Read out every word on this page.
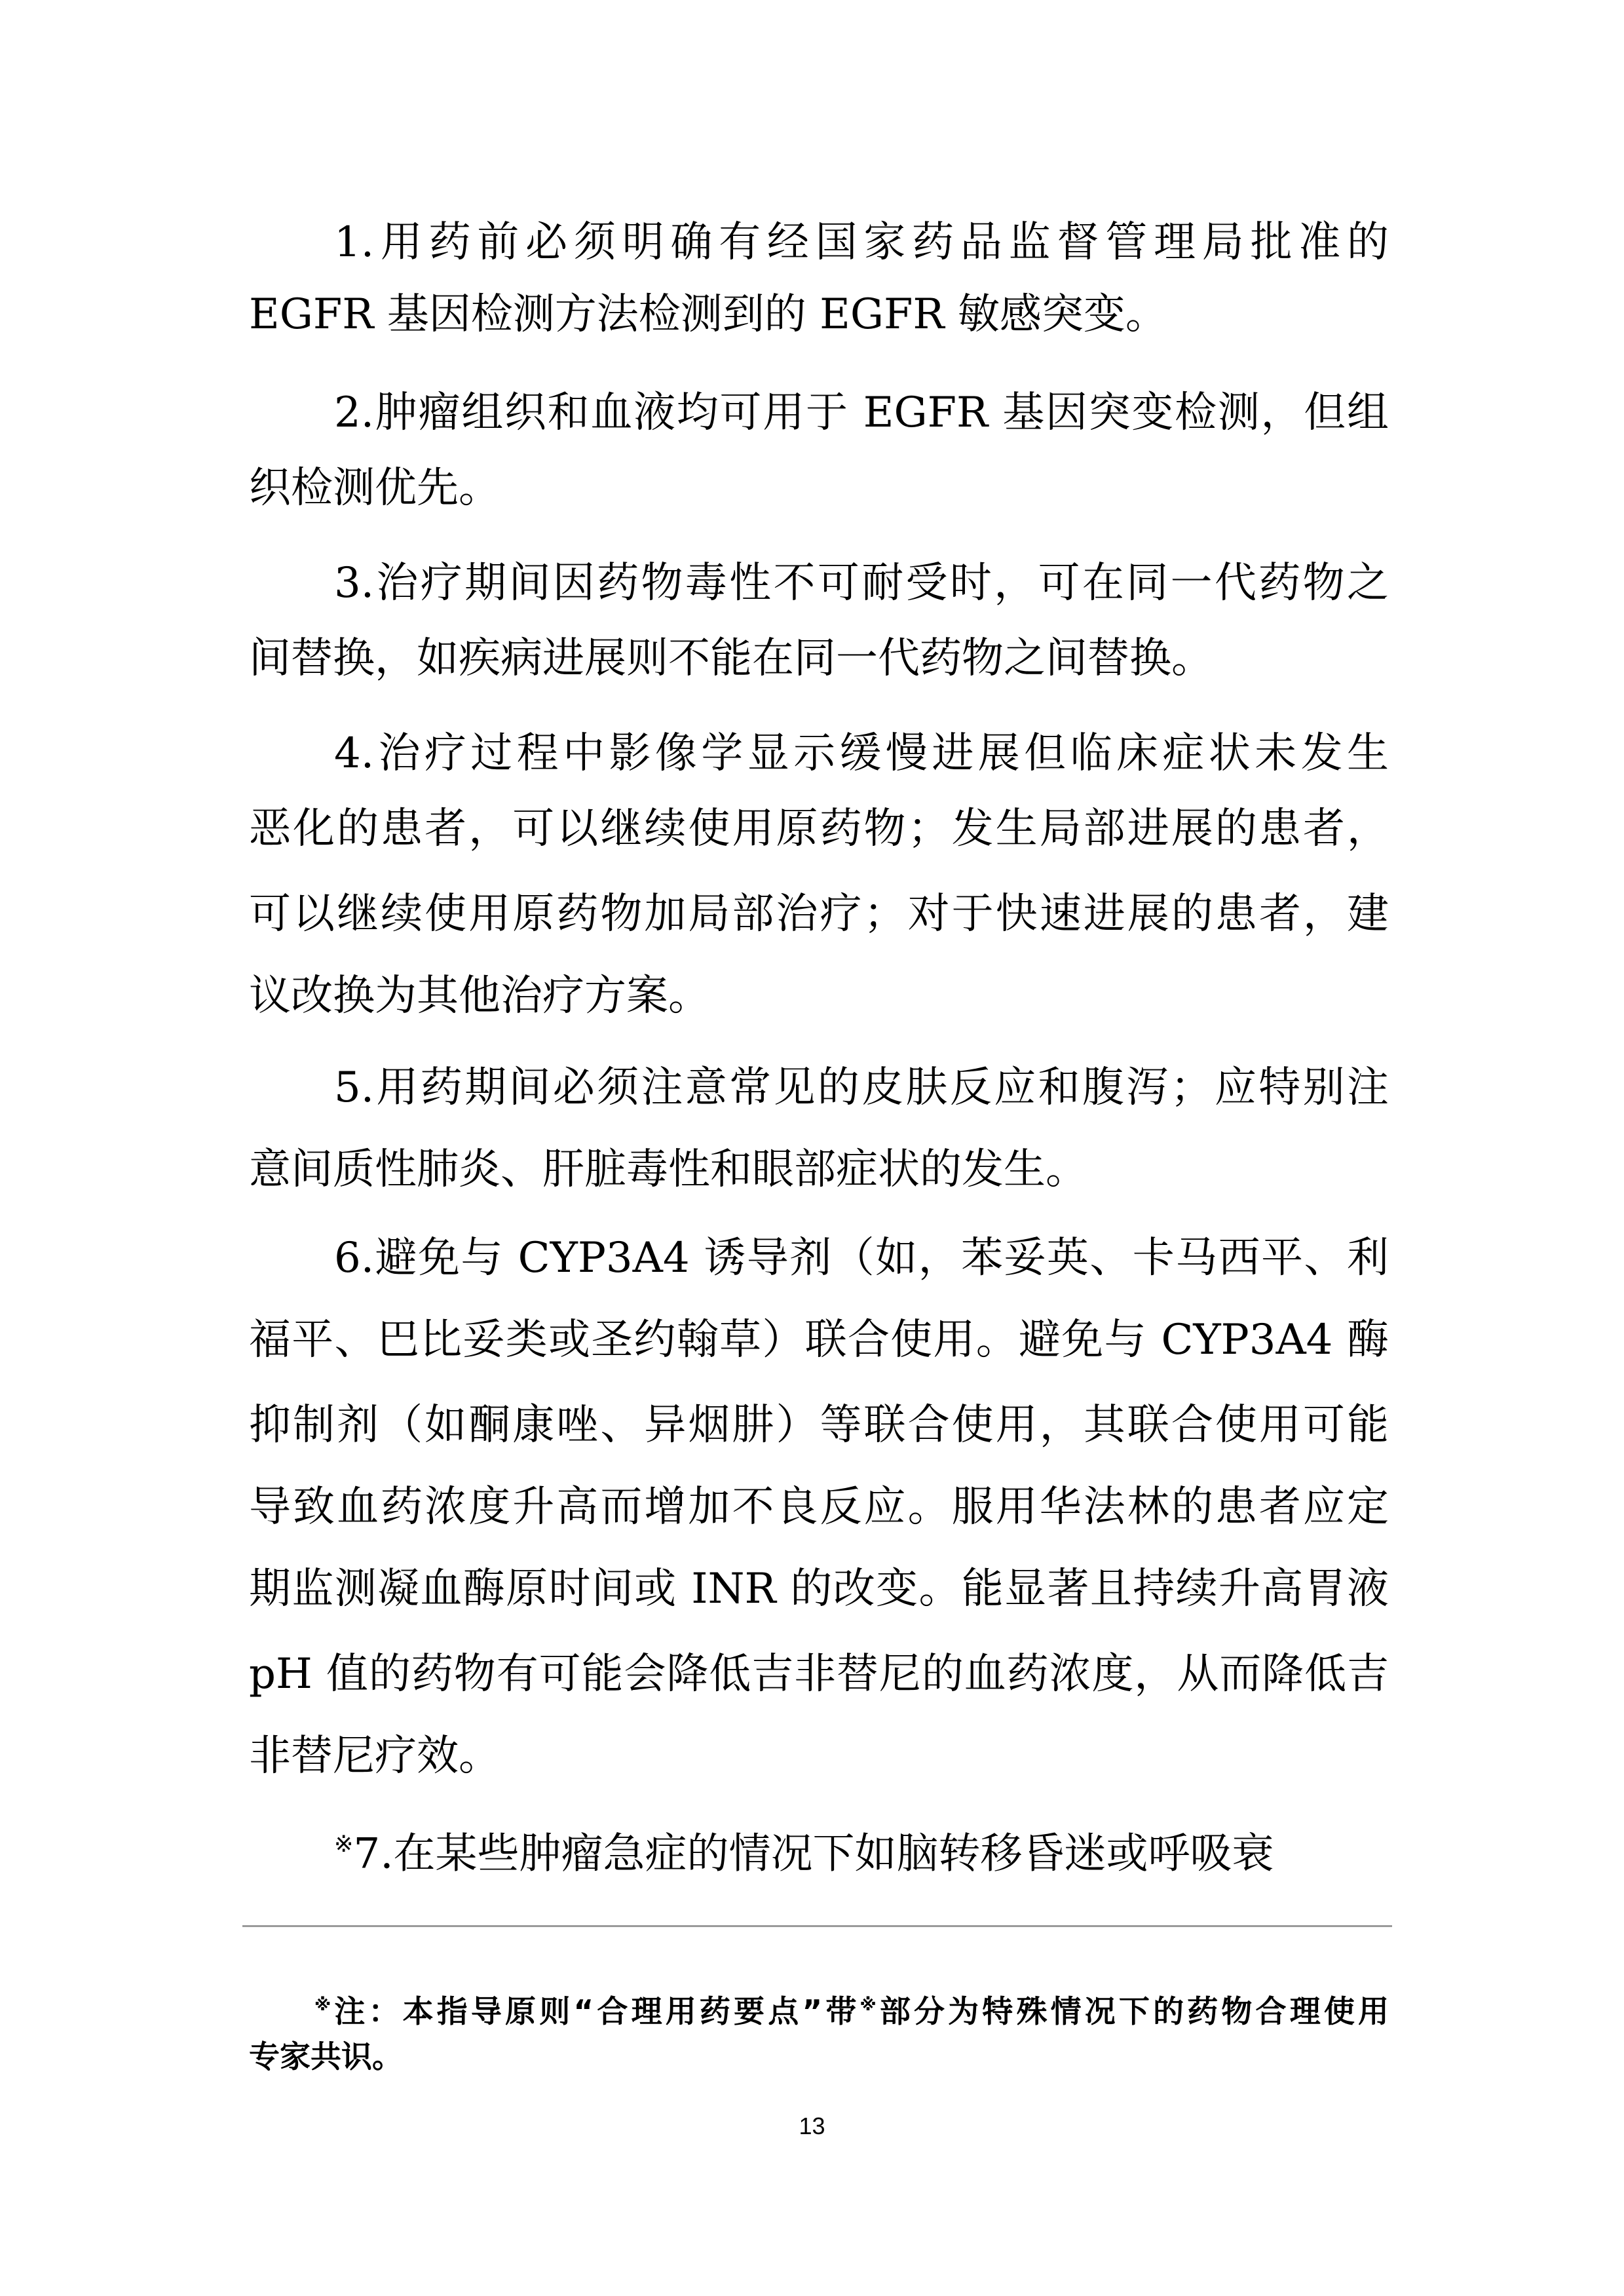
1.用药前必须明确有经国家药品监督管理局批准的
EGFR 基因检测方法检测到的 EGFR 敏感突变。
2.肿瘤组织和血液均可用于 EGFR 基因突变检测，但组
织检测优先。
3.治疗期间因药物毒性不可耐受时，可在同一代药物之
间替换，如疾病进展则不能在同一代药物之间替换。
4.治疗过程中影像学显示缓慢进展但临床症状未发生
恶化的患者，可以继续使用原药物；发生局部进展的患者，
可以继续使用原药物加局部治疗；对于快速进展的患者，建
议改换为其他治疗方案。
5.用药期间必须注意常见的皮肤反应和腹泻；应特别注
意间质性肺炎、肝脏毒性和眼部症状的发生。
6.避免与 CYP3A4 诱导剂（如，苯妥英、卡马西平、利
福平、巴比妥类或圣约翰草）联合使用。避免与 CYP3A4 酶
抑制剂（如酮康唑、异烟肼）等联合使用，其联合使用可能
导致血药浓度升高而增加不良反应。服用华法林的患者应定
期监测凝血酶原时间或 INR 的改变。能显著且持续升高胃液
pH 值的药物有可能会降低吉非替尼的血药浓度，从而降低吉
非替尼疗效。
※7.在某些肿瘤急症的情况下如脑转移昏迷或呼吸衰
※注：本指导原则“合理用药要点”带※部分为特殊情况下的药物合理使用
专家共识。
13
